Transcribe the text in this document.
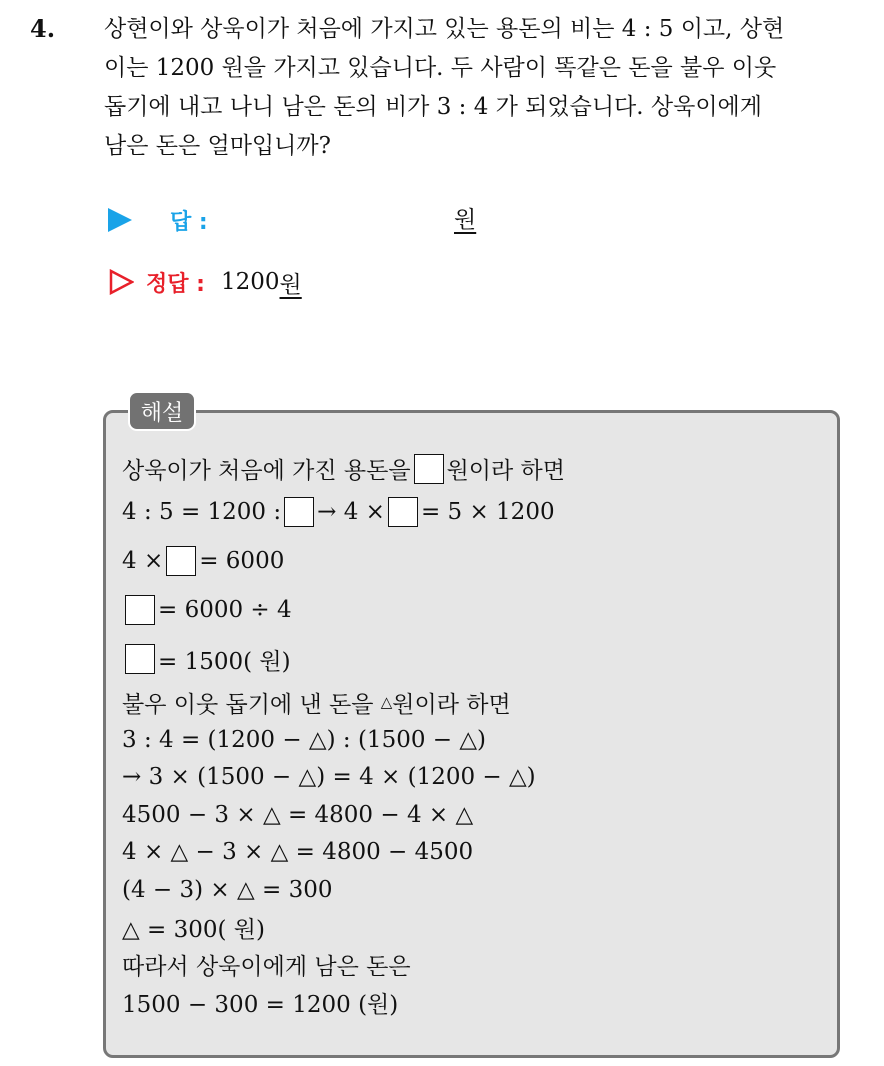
4. 상현이와 상욱이가 처음에 가지고 있는 용돈의 비는 4 : 5 이고, 상현
이는 1200 원을 가지고 있습니다. 두 사람이 똑같은 돈을 불우 이웃
돕기에 내고 나니 남은 돈의 비가 3 : 4 가 되었습니다. 상욱이에게
남은 돈은 얼마입니까?
답 :	원
정답 : 1200 원
해설
상욱이가 처음에 가진 용돈을 원이라 하면
4 : 5 = 1200 : → 4 × = 5 × 1200
4 × = 6000
= 6000 ÷ 4
= 1500( 원)
불우 이웃 돕기에 낸 돈을
△ 원이라 하면
3 : 4 = (1200 − △) : (1500 − △)
→ 3 × (1500 − △) = 4 × (1200 − △)
4500 − 3 × △ = 4800 − 4 × △
4 × △ − 3 × △ = 4800 − 4500
(4 − 3) × △ = 300
△ = 300( 원)
따라서 상욱이에게 남은 돈은
1500 − 300 = 1200 (원)
